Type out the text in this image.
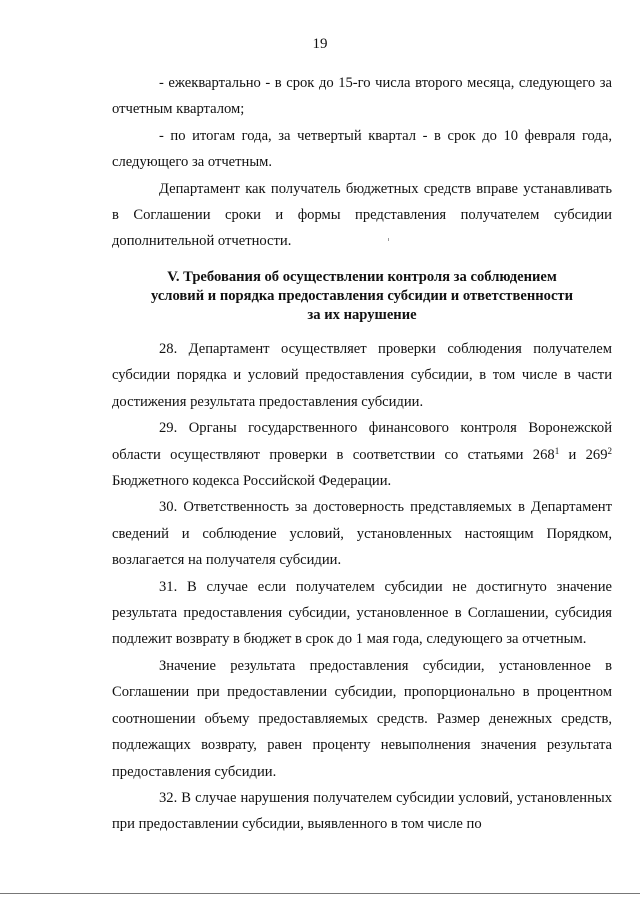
19

- ежеквартально - в срок до 15-го числа второго месяца, следующего за отчетным кварталом;

- по итогам года, за четвертый квартал - в срок до 10 февраля года, следующего за отчетным.

Департамент как получатель бюджетных средств вправе устанавливать в Соглашении сроки и формы представления получателем субсидии дополнительной отчетности.

V. Требования об осуществлении контроля за соблюдением
условий и порядка предоставления субсидии и ответственности
за их нарушение

28. Департамент осуществляет проверки соблюдения получателем субсидии порядка и условий предоставления субсидии, в том числе в части достижения результата предоставления субсидии.

29. Органы государственного финансового контроля Воронежской области осуществляют проверки в соответствии со статьями $268^1$ и $269^2$ Бюджетного кодекса Российской Федерации.

30. Ответственность за достоверность представляемых в Департамент сведений и соблюдение условий, установленных настоящим Порядком, возлагается на получателя субсидии.

31. В случае если получателем субсидии не достигнуто значение результата предоставления субсидии, установленное в Соглашении, субсидия подлежит возврату в бюджет в срок до 1 мая года, следующего за отчетным.

Значение результата предоставления субсидии, установленное в Соглашении при предоставлении субсидии, пропорционально в процентном соотношении объему предоставляемых средств. Размер денежных средств, подлежащих возврату, равен проценту невыполнения значения результата предоставления субсидии.

32. В случае нарушения получателем субсидии условий, установленных при предоставлении субсидии, выявленного в том числе по
